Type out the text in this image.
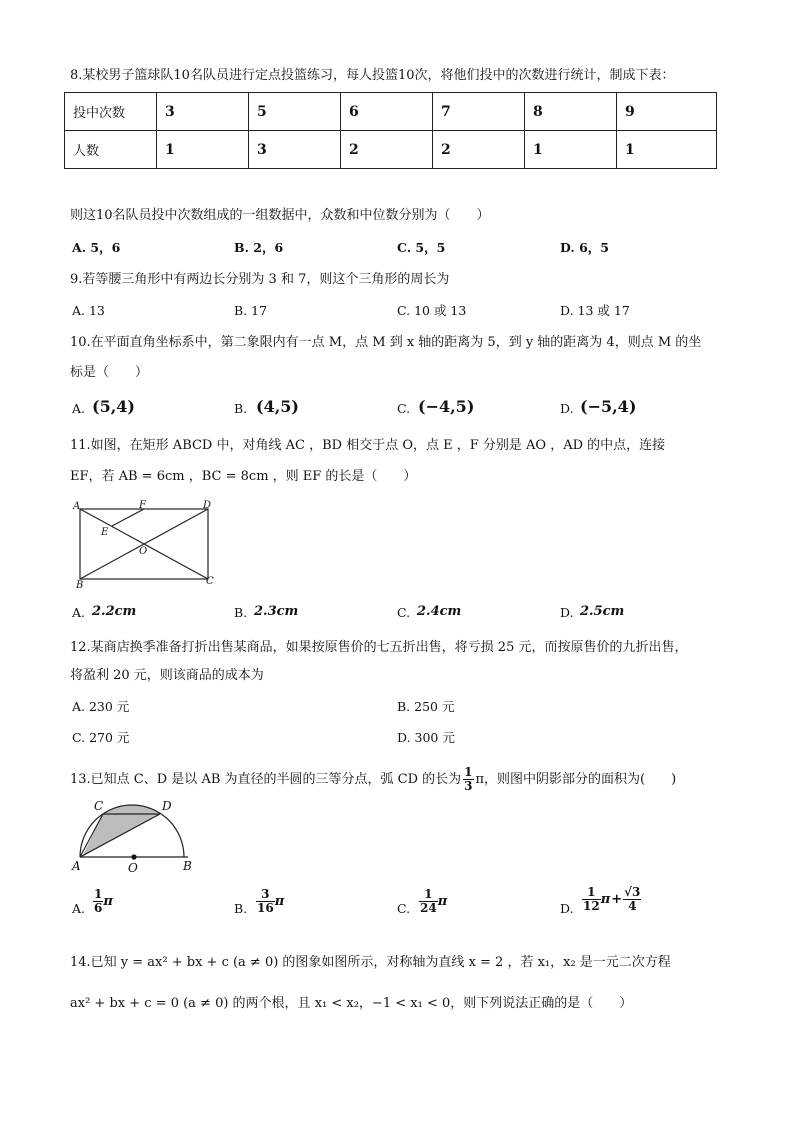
8.某校男子篮球队10名队员进行定点投篮练习，每人投篮10次，将他们投中的次数进行统计，制成下表：
投中次数	3	5	6	7	8	9
人数	1	3	2	2	1	1
则这10名队员投中次数组成的一组数据中，众数和中位数分别为（　　）
A. 5，6	B. 2，6	C. 5，5	D. 6，5
9.若等腰三角形中有两边长分别为 3 和 7，则这个三角形的周长为
A. 13	B. 17	C. 10 或 13	D. 13 或 17
10.在平面直角坐标系中，第二象限内有一点 M，点 M 到 x 轴的距离为 5，到 y 轴的距离为 4，则点 M 的坐
标是（　　）
A. (5,4)	B. (4,5)	C. (−4,5)	D. (−5,4)
11.如图，在矩形 ABCD 中，对角线 AC ，BD 相交于点 O，点 E ，F 分别是 AO ，AD 的中点，连接
EF，若 AB = 6cm ，BC = 8cm ，则 EF 的长是（　　）
A	F	D
E
O
B	C
A. 2.2cm	B. 2.3cm	C. 2.4cm	D. 2.5cm
12.某商店换季准备打折出售某商品，如果按原售价的七五折出售，将亏损 25 元，而按原售价的九折出售，
将盈利 20 元，则该商品的成本为
A. 230 元	B. 250 元
C. 270 元	D. 300 元
13.已知点 C、D 是以 AB 为直径的半圆的三等分点，弧 CD 的长为 $\frac{1}{3}$ π，则图中阴影部分的面积为(　　)
C	D
A	O	B
A. $\frac{1}{6}$ π	B. $\frac{3}{16}$ π	C. $\frac{1}{24}$ π	D. $\frac{1}{12}$ $\pi + \frac{√3}{4}$
14.已知 y = ax² + bx + c (a ≠ 0) 的图象如图所示，对称轴为直线 x = 2 ，若 x₁，x₂ 是一元二次方程
ax² + bx + c = 0 (a ≠ 0) 的两个根，且 x₁ < x₂，−1 < x₁ < 0，则下列说法正确的是（　　）
